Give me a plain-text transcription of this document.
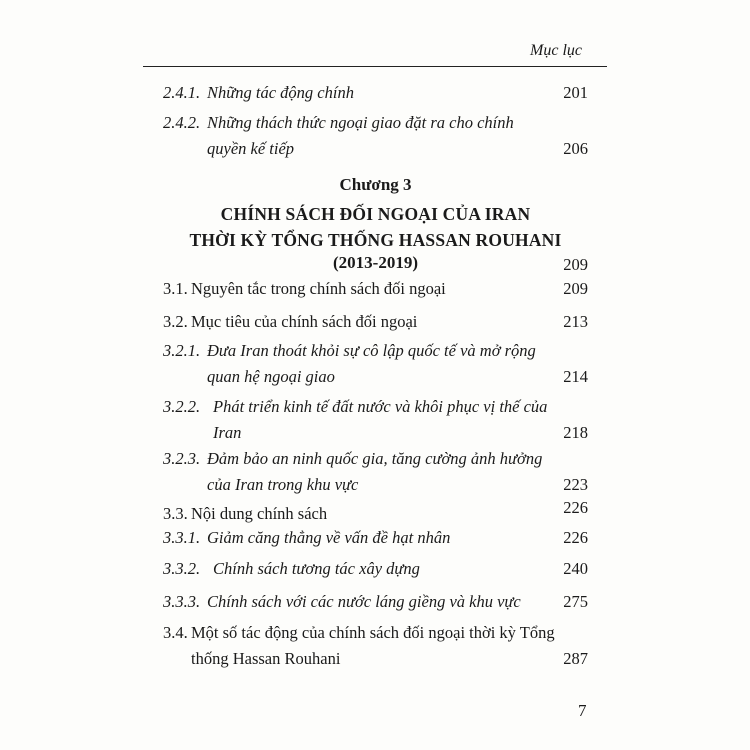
Mục lục
2.4.1. Những tác động chính	201
2.4.2. Những thách thức ngoại giao đặt ra cho chính quyền kế tiếp	206
Chương 3
CHÍNH SÁCH ĐỐI NGOẠI CỦA IRAN
THỜI KỲ TỔNG THỐNG HASSAN ROUHANI
(2013-2019)	209
3.1. Nguyên tắc trong chính sách đối ngoại	209
3.2. Mục tiêu của chính sách đối ngoại	213
3.2.1. Đưa Iran thoát khỏi sự cô lập quốc tế và mở rộng quan hệ ngoại giao	214
3.2.2. Phát triển kinh tế đất nước và khôi phục vị thế của Iran	218
3.2.3. Đảm bảo an ninh quốc gia, tăng cường ảnh hưởng của Iran trong khu vực	223
3.3. Nội dung chính sách	226
3.3.1. Giảm căng thẳng về vấn đề hạt nhân	226
3.3.2. Chính sách tương tác xây dựng	240
3.3.3. Chính sách với các nước láng giềng và khu vực	275
3.4. Một số tác động của chính sách đối ngoại thời kỳ Tổng thống Hassan Rouhani	287
7
